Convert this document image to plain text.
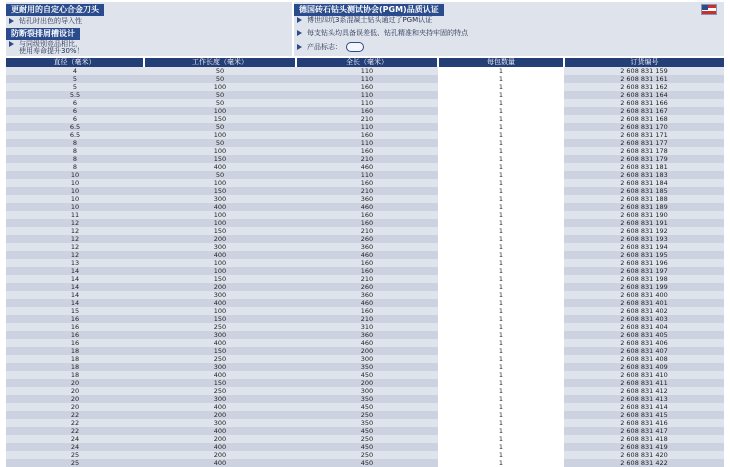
更耐用的自定心合金刀头
钻孔时出色的导入性
防断裂排屑槽设计
与同级别竞品相比，
使用寿命提升30%！
德国砖石钻头测试协会(PGM)品质认证
博世四坑3系混凝土钻头通过了PGM认证
每支钻头均具备误差低、钻孔精准和夹持牢固的特点
产品标志：
直径（毫米）	工作长度（毫米）	全长（毫米）	每包数量	订货编号
4	50	110	1	2 608 831 159
5	50	110	1	2 608 831 161
5	100	160	1	2 608 831 162
5.5	50	110	1	2 608 831 164
6	50	110	1	2 608 831 166
6	100	160	1	2 608 831 167
6	150	210	1	2 608 831 168
6.5	50	110	1	2 608 831 170
6.5	100	160	1	2 608 831 171
8	50	110	1	2 608 831 177
8	100	160	1	2 608 831 178
8	150	210	1	2 608 831 179
8	400	460	1	2 608 831 181
10	50	110	1	2 608 831 183
10	100	160	1	2 608 831 184
10	150	210	1	2 608 831 185
10	300	360	1	2 608 831 188
10	400	460	1	2 608 831 189
11	100	160	1	2 608 831 190
12	100	160	1	2 608 831 191
12	150	210	1	2 608 831 192
12	200	260	1	2 608 831 193
12	300	360	1	2 608 831 194
12	400	460	1	2 608 831 195
13	100	160	1	2 608 831 196
14	100	160	1	2 608 831 197
14	150	210	1	2 608 831 198
14	200	260	1	2 608 831 199
14	300	360	1	2 608 831 400
14	400	460	1	2 608 831 401
15	100	160	1	2 608 831 402
16	150	210	1	2 608 831 403
16	250	310	1	2 608 831 404
16	300	360	1	2 608 831 405
16	400	460	1	2 608 831 406
18	150	200	1	2 608 831 407
18	250	300	1	2 608 831 408
18	300	350	1	2 608 831 409
18	400	450	1	2 608 831 410
20	150	200	1	2 608 831 411
20	250	300	1	2 608 831 412
20	300	350	1	2 608 831 413
20	400	450	1	2 608 831 414
22	200	250	1	2 608 831 415
22	300	350	1	2 608 831 416
22	400	450	1	2 608 831 417
24	200	250	1	2 608 831 418
24	400	450	1	2 608 831 419
25	200	250	1	2 608 831 420
25	400	450	1	2 608 831 422
